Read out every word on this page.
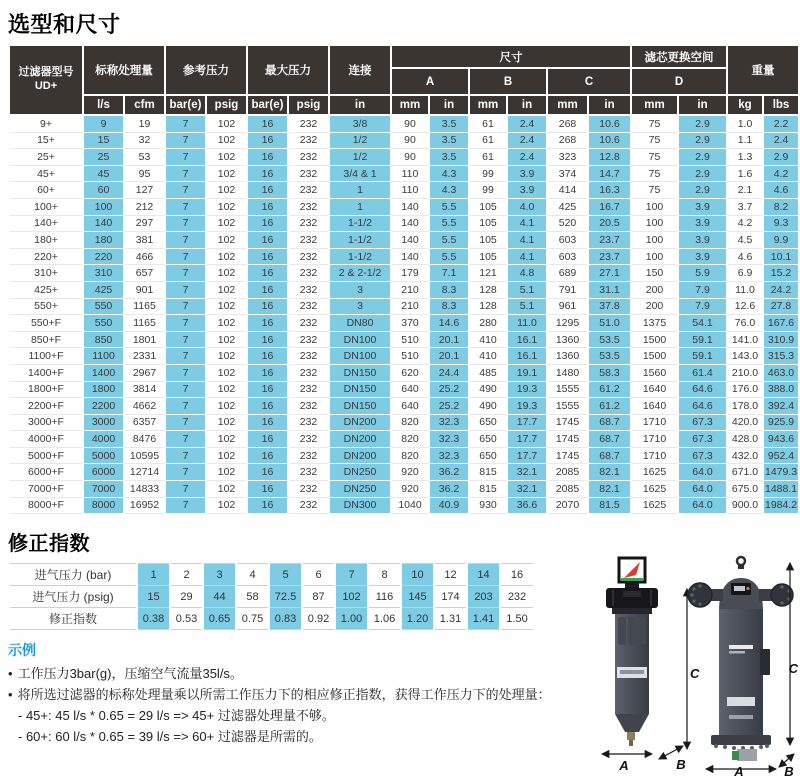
选型和尺寸
过滤器型号
UD+	标称处理量		参考压力		最大压力		连接	尺寸						滤芯更换空间		重量	
								A		B		C		D			
	l/s	cfm	bar(e)	psig	bar(e)	psig	in	mm	in	mm	in	mm	in	mm	in	kg	lbs
9+	9	19	7	102	16	232	3/8	90	3.5	61	2.4	268	10.6	75	2.9	1.0	2.2
15+	15	32	7	102	16	232	1/2	90	3.5	61	2.4	268	10.6	75	2.9	1.1	2.4
25+	25	53	7	102	16	232	1/2	90	3.5	61	2.4	323	12.8	75	2.9	1.3	2.9
45+	45	95	7	102	16	232	3/4 & 1	110	4.3	99	3.9	374	14.7	75	2.9	1.6	4.2
60+	60	127	7	102	16	232	1	110	4.3	99	3.9	414	16.3	75	2.9	2.1	4.6
100+	100	212	7	102	16	232	1	140	5.5	105	4.0	425	16.7	100	3.9	3.7	8.2
140+	140	297	7	102	16	232	1-1/2	140	5.5	105	4.1	520	20.5	100	3.9	4.2	9.3
180+	180	381	7	102	16	232	1-1/2	140	5.5	105	4.1	603	23.7	100	3.9	4.5	9.9
220+	220	466	7	102	16	232	1-1/2	140	5.5	105	4.1	603	23.7	100	3.9	4.6	10.1
310+	310	657	7	102	16	232	2 & 2-1/2	179	7.1	121	4.8	689	27.1	150	5.9	6.9	15.2
425+	425	901	7	102	16	232	3	210	8.3	128	5.1	791	31.1	200	7.9	11.0	24.2
550+	550	1165	7	102	16	232	3	210	8.3	128	5.1	961	37.8	200	7.9	12.6	27.8
550+F	550	1165	7	102	16	232	DN80	370	14.6	280	11.0	1295	51.0	1375	54.1	76.0	167.6
850+F	850	1801	7	102	16	232	DN100	510	20.1	410	16.1	1360	53.5	1500	59.1	141.0	310.9
1100+F	1100	2331	7	102	16	232	DN100	510	20.1	410	16.1	1360	53.5	1500	59.1	143.0	315.3
1400+F	1400	2967	7	102	16	232	DN150	620	24.4	485	19.1	1480	58.3	1560	61.4	210.0	463.0
1800+F	1800	3814	7	102	16	232	DN150	640	25.2	490	19.3	1555	61.2	1640	64.6	176.0	388.0
2200+F	2200	4662	7	102	16	232	DN150	640	25.2	490	19.3	1555	61.2	1640	64.6	178.0	392.4
3000+F	3000	6357	7	102	16	232	DN200	820	32.3	650	17.7	1745	68.7	1710	67.3	420.0	925.9
4000+F	4000	8476	7	102	16	232	DN200	820	32.3	650	17.7	1745	68.7	1710	67.3	428.0	943.6
5000+F	5000	10595	7	102	16	232	DN200	820	32.3	650	17.7	1745	68.7	1710	67.3	432.0	952.4
6000+F	6000	12714	7	102	16	232	DN250	920	36.2	815	32.1	2085	82.1	1625	64.0	671.0	1479.3
7000+F	7000	14833	7	102	16	232	DN250	920	36.2	815	32.1	2085	82.1	1625	64.0	675.0	1488.1
8000+F	8000	16952	7	102	16	232	DN300	1040	40.9	930	36.6	2070	81.5	1625	64.0	900.0	1984.2
修正指数
进气压力 (bar)	1	2	3	4	5	6	7	8	10	12	14	16
进气压力 (psig)	15	29	44	58	72.5	87	102	116	145	174	203	232
修正指数	0.38	0.53	0.65	0.75	0.83	0.92	1.00	1.06	1.20	1.31	1.41	1.50
示例
• 工作压力3bar(g)，压缩空气流量35l/s。
• 将所选过滤器的标称处理量乘以所需工作压力下的相应修正指数，获得工作压力下的处理量：
- 45+: 45 l/s * 0.65 = 29 l/s => 45+ 过滤器处理量不够。
- 60+: 60 l/s * 0.65 = 39 l/s => 60+ 过滤器是所需的。
A	B
C
A	B
C
